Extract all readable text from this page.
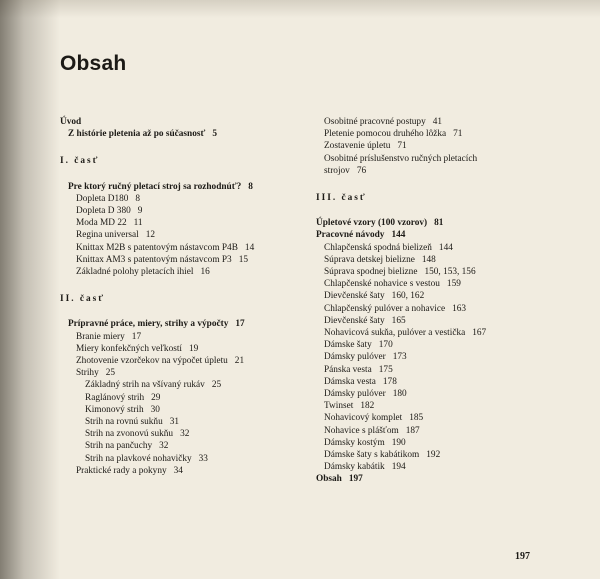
Obsah
Úvod
Z histórie pletenia až po súčasnosť 5
I. časť
Pre ktorý ručný pletací stroj sa rozhodnúť? 8
Dopleta D180 8
Dopleta D 380 9
Moda MD 22 11
Regina universal 12
Knittax M2B s patentovým nástavcom P4B 14
Knittax AM3 s patentovým nástavcom P3 15
Základné polohy pletacích ihiel 16
II. časť
Prípravné práce, miery, strihy a výpočty 17
Branie miery 17
Miery konfekčných veľkostí 19
Zhotovenie vzorčekov na výpočet úpletu 21
Strihy 25
Základný strih na všívaný rukáv 25
Raglánový strih 29
Kimonový strih 30
Strih na rovnú sukňu 31
Strih na zvonovú sukňu 32
Strih na pančuchy 32
Strih na plavkové nohavičky 33
Praktické rady a pokyny 34
Osobitné pracovné postupy 41
Pletenie pomocou druhého lôžka 71
Zostavenie úpletu 71
Osobitné príslušenstvo ručných pletacích
strojov 76
III. časť
Úpletové vzory (100 vzorov) 81
Pracovné návody 144
Chlapčenská spodná bielizeň 144
Súprava detskej bielizne 148
Súprava spodnej bielizne 150, 153, 156
Chlapčenské nohavice s vestou 159
Dievčenské šaty 160, 162
Chlapčenský pulóver a nohavice 163
Dievčenské šaty 165
Nohavicová sukňa, pulóver a vestička 167
Dámske šaty 170
Dámsky pulóver 173
Pánska vesta 175
Dámska vesta 178
Dámsky pulóver 180
Twinset 182
Nohavicový komplet 185
Nohavice s plášťom 187
Dámsky kostým 190
Dámske šaty s kabátikom 192
Dámsky kabátik 194
Obsah 197
197
